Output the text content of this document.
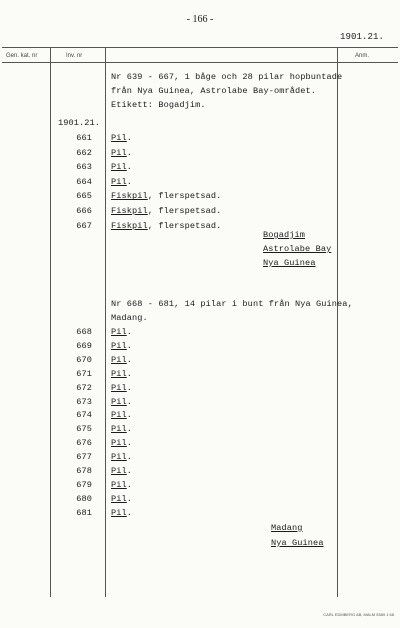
- 166 -
1901.21.
Gen. kat. nr	Inv. nr	Anm.
Nr 639 - 667, 1 båge och 28 pilar hopbuntade
från Nya Guinea, Astrolabe Bay-området.
Etikett: Bogadjim.
1901.21.
661 Pil.
662 Pil.
663 Pil.
664 Pil.
665 Fiskpil, flerspetsad.
666 Fiskpil, flerspetsad.
667 Fiskpil, flerspetsad.
Bogadjim
Astrolabe Bay
Nya Guinea
Nr 668 - 681, 14 pilar i bunt från Nya Guinea,
Madang.
668 Pil.
669 Pil.
670 Pil.
671 Pil.
672 Pil.
673 Pil.
674 Pil.
675 Pil.
676 Pil.
677 Pil.
678 Pil.
679 Pil.
680 Pil.
681 Pil.
Madang
Nya Guinea
CARL EDMBERG AB, MALM 5389 1 68
